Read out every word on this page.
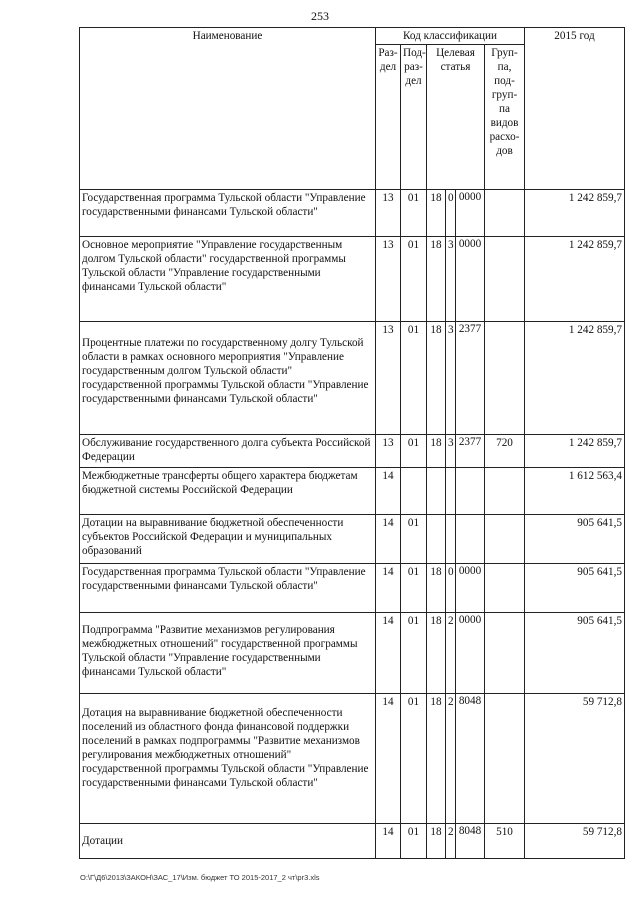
253
Наименование	Код классификации						2015 год
	Раз- дел	Под- раз- дел	Целевая статья			Груп- па, под- груп- па видов расхо- дов	
Государственная программа Тульской области "Управление государственными финансами Тульской области"	13	01	18	0	0000		1 242 859,7
Основное мероприятие "Управление государственным долгом Тульской области" государственной программы Тульской области "Управление государственными финансами Тульской области"	13	01	18	3	0000		1 242 859,7
Процентные платежи по государственному долгу Тульской области в рамках основного мероприятия "Управление государственным долгом Тульской области" государственной программы Тульской области "Управление государственными финансами Тульской области"	13	01	18	3	2377		1 242 859,7
Обслуживание государственного долга субъекта Российской Федерации	13	01	18	3	2377	720	1 242 859,7
Межбюджетные трансферты общего характера бюджетам бюджетной системы Российской Федерации	14						1 612 563,4
Дотации на выравнивание бюджетной обеспеченности субъектов Российской Федерации и муниципальных образований	14	01					905 641,5
Государственная программа Тульской области "Управление государственными финансами Тульской области"	14	01	18	0	0000		905 641,5
Подпрограмма "Развитие механизмов регулирования межбюджетных отношений" государственной программы Тульской области "Управление государственными финансами Тульской области"	14	01	18	2	0000		905 641,5
Дотация на выравнивание бюджетной обеспеченности поселений из областного фонда финансовой поддержки поселений в рамках подпрограммы "Развитие механизмов регулирования межбюджетных отношений" государственной программы Тульской области "Управление государственными финансами Тульской области"	14	01	18	2	8048		59 712,8
Дотации	14	01	18	2	8048	510	59 712,8
O:\Г\Д6\2013\ЗАКОН\ЗАС_17\Изм. бюджет ТО 2015-2017_2 чт\pr3.xls
